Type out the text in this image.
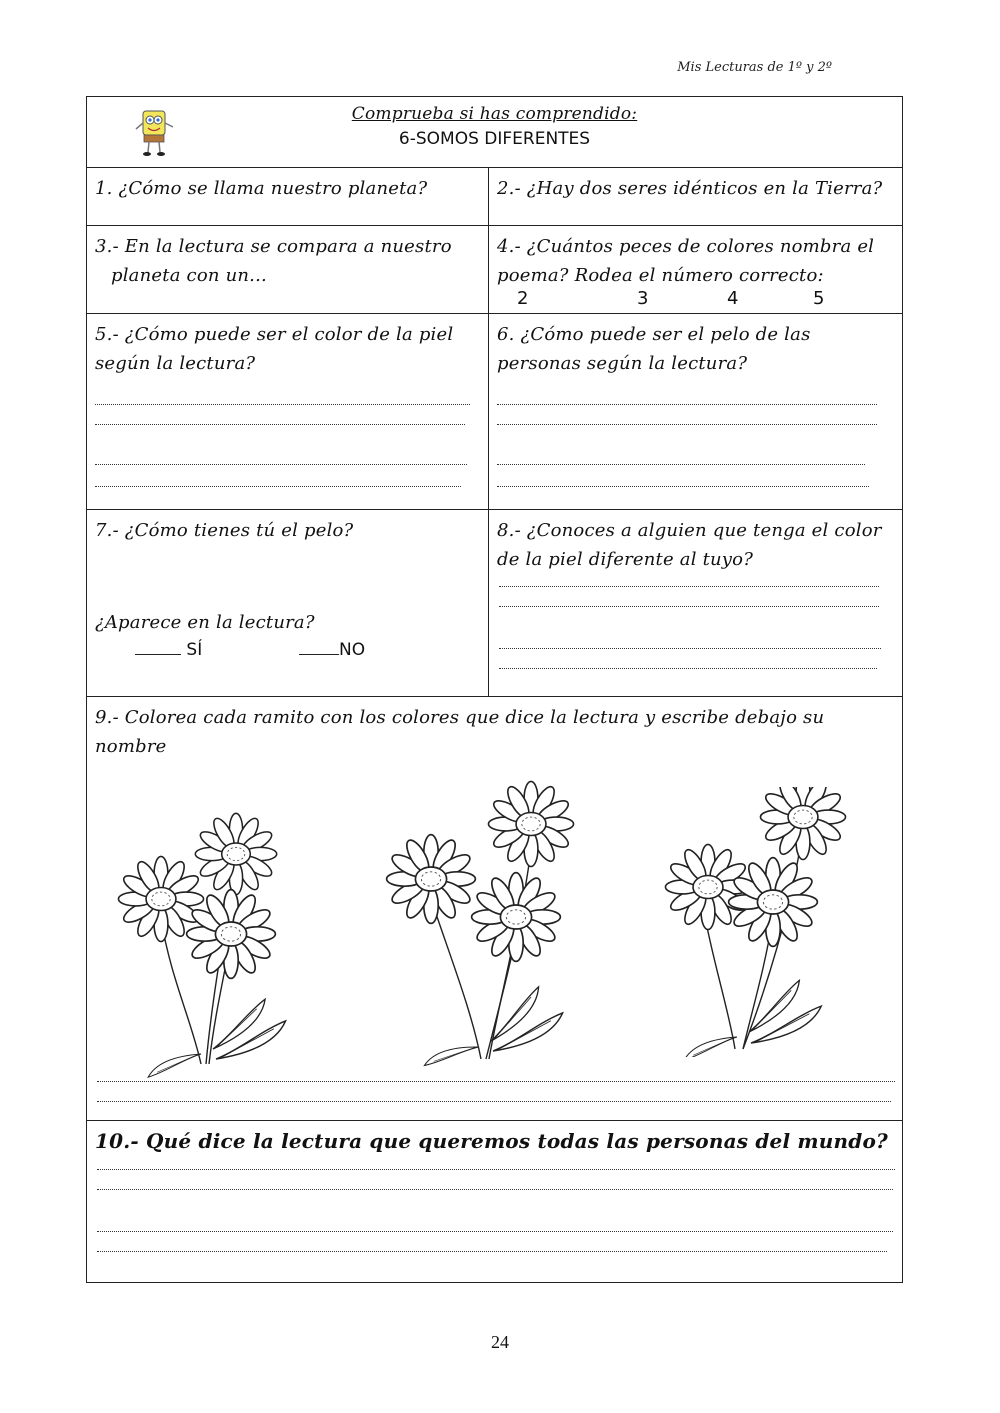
Mis Lecturas de 1º y 2º
Comprueba si has comprendido:
6-SOMOS DIFERENTES
1. ¿Cómo se llama nuestro planeta?	2.- ¿Hay dos seres idénticos en la Tierra?
3.- En la lectura se compara a nuestro
planeta con un...
4.- ¿Cuántos peces de colores nombra el
poema? Rodea el número correcto:
2	3	4	5
5.- ¿Cómo puede ser el color de la piel
según la lectura?
6. ¿Cómo puede ser el pelo de las
personas según la lectura?
7.- ¿Cómo tienes tú el pelo?
¿Aparece en la lectura?
SÍ	NO
8.- ¿Conoces a alguien que tenga el color
de la piel diferente al tuyo?
9.- Colorea cada ramito con los colores que dice la lectura y escribe debajo su
nombre
10.- Qué dice la lectura que queremos todas las personas del mundo?
24
